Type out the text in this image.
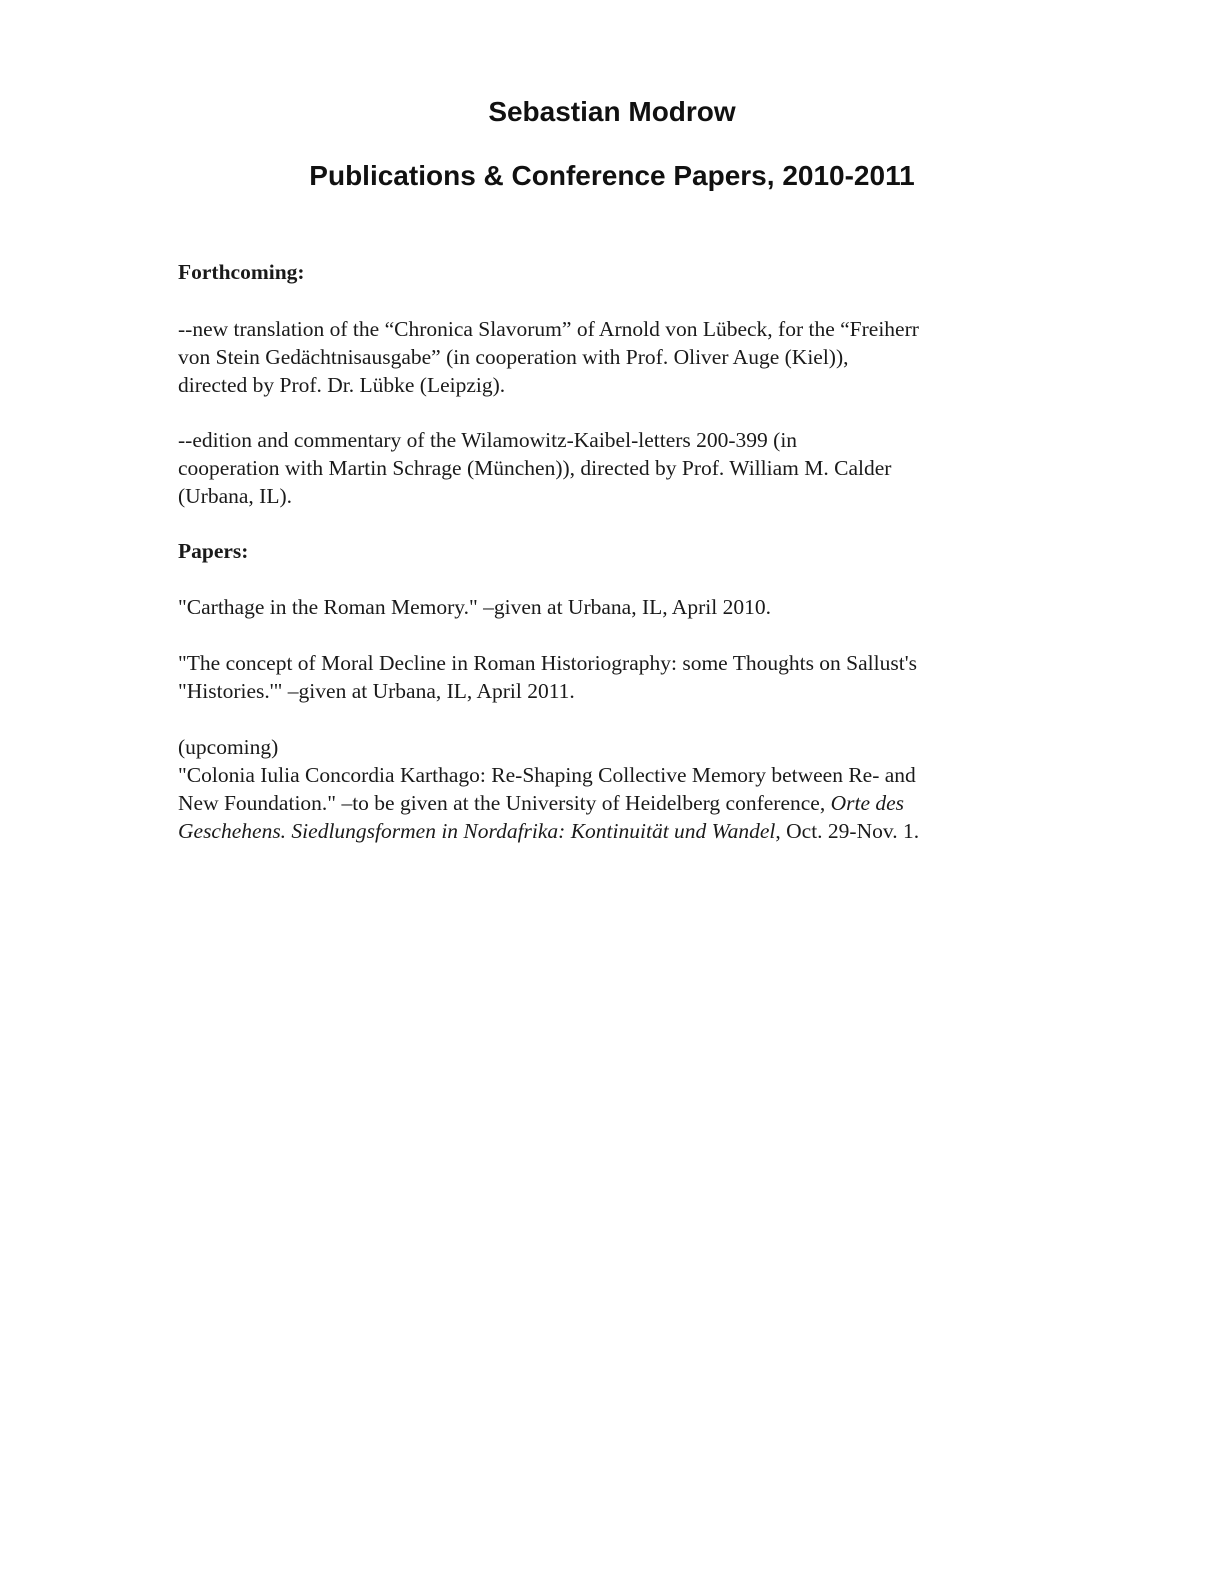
Sebastian Modrow
Publications & Conference Papers, 2010-2011
Forthcoming:
--new translation of the “Chronica Slavorum” of Arnold von Lübeck, for the “Freiherr
von Stein Gedächtnisausgabe” (in cooperation with Prof. Oliver Auge (Kiel)),
directed by Prof. Dr. Lübke (Leipzig).
--edition and commentary of the Wilamowitz-Kaibel-letters 200-399 (in
cooperation with Martin Schrage (München)), directed by Prof. William M. Calder
(Urbana, IL).
Papers:
"Carthage in the Roman Memory." –given at Urbana, IL, April 2010.
"The concept of Moral Decline in Roman Historiography: some Thoughts on Sallust's
"Histories.'" –given at Urbana, IL, April 2011.
(upcoming)
"Colonia Iulia Concordia Karthago: Re-Shaping Collective Memory between Re- and
New Foundation." –to be given at the University of Heidelberg conference, Orte des
Geschehens. Siedlungsformen in Nordafrika: Kontinuität und Wandel, Oct. 29-Nov. 1.
